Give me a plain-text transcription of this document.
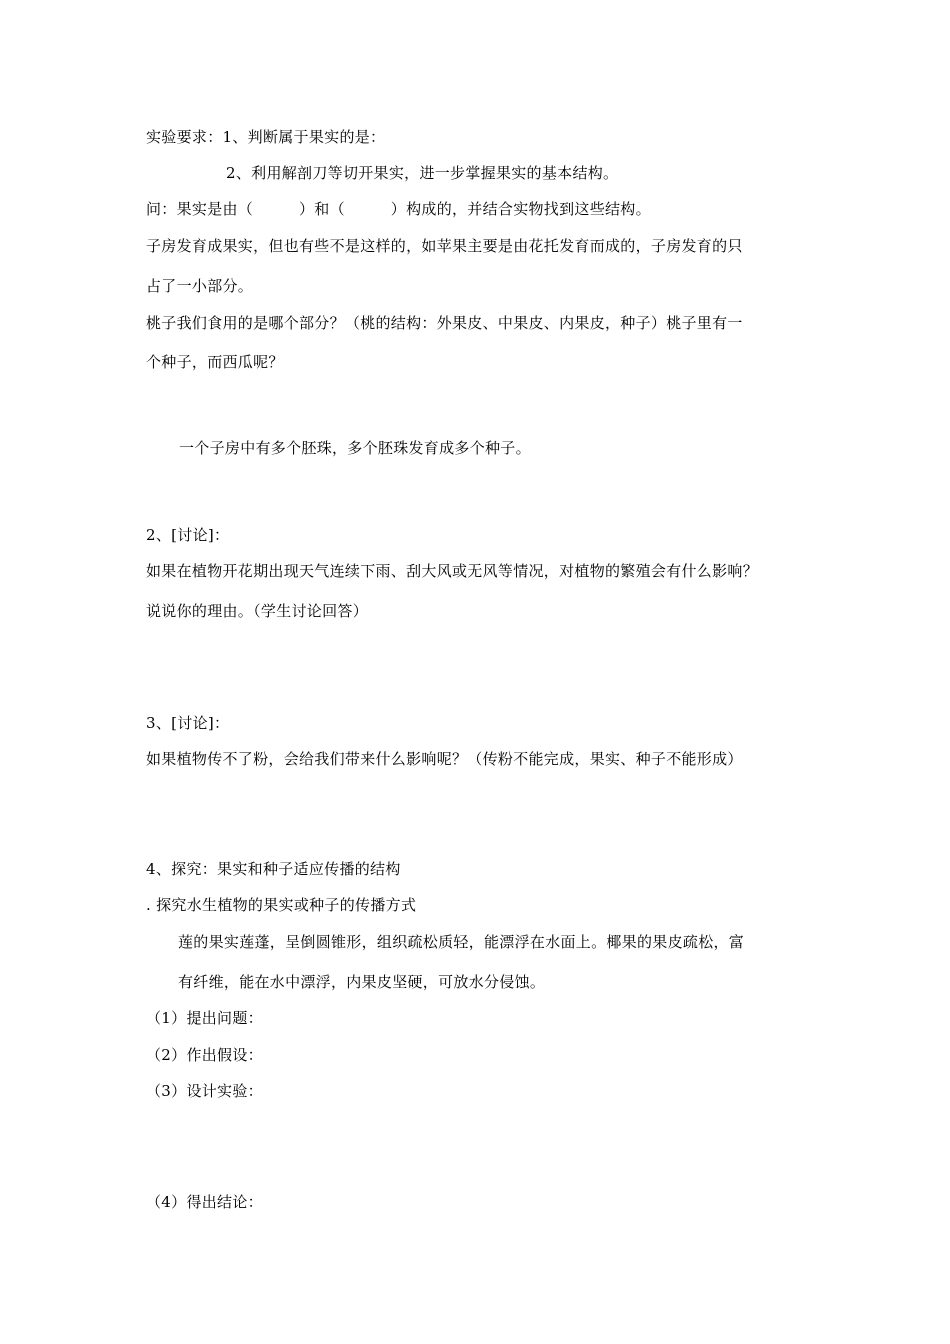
实验要求：1、判断属于果实的是：
2、利用解剖刀等切开果实，进一步掌握果实的基本结构。
问：果实是由（　　　）和（　　　）构成的，并结合实物找到这些结构。
子房发育成果实，但也有些不是这样的，如苹果主要是由花托发育而成的，子房发育的只
占了一小部分。
桃子我们食用的是哪个部分？（桃的结构：外果皮、中果皮、内果皮，种子）桃子里有一
个种子，而西瓜呢？
一个子房中有多个胚珠，多个胚珠发育成多个种子。
2、[讨论]：
如果在植物开花期出现天气连续下雨、刮大风或无风等情况，对植物的繁殖会有什么影响？
说说你的理由。（学生讨论回答）
3、[讨论]：
如果植物传不了粉，会给我们带来什么影响呢？（传粉不能完成，果实、种子不能形成）
4、探究：果实和种子适应传播的结构
. 探究水生植物的果实或种子的传播方式
莲的果实莲蓬，呈倒圆锥形，组织疏松质轻，能漂浮在水面上。椰果的果皮疏松，富
有纤维，能在水中漂浮，内果皮坚硬，可放水分侵蚀。
（1）提出问题：
（2）作出假设：
（3）设计实验：
（4）得出结论：
